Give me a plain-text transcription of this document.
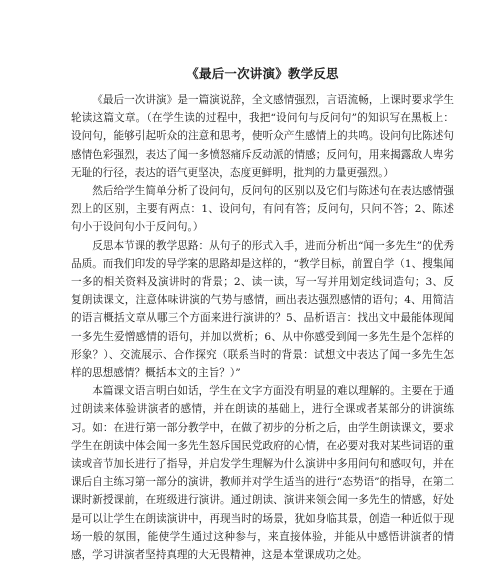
《最后一次讲演》教学反思

《最后一次讲演》是一篇演说辞，全文感情强烈，言语流畅，上课时要求学生轮读这篇文章。（在学生读的过程中，我把“设问句与反问句”的知识写在黑板上：设问句，能够引起听众的注意和思考，使听众产生感情上的共鸣。设问句比陈述句感情色彩强烈，表达了闻一多愤怒痛斥反动派的情感；反问句，用来揭露敌人卑劣无耻的行径，表达的语气更坚决，态度更鲜明，批判的力量更强烈。）

然后给学生简单分析了设问句，反问句的区别以及它们与陈述句在表达感情强烈上的区别，主要有两点：1、设问句，有问有答；反问句，只问不答；2、陈述句小于设问句小于反问句。）

反思本节课的教学思路：从句子的形式入手，进而分析出“闻一多先生”的优秀品质。而我们印发的导学案的思路却是这样的，“教学目标，前置自学（1、搜集闻一多的相关资料及演讲时的背景；2、读一读，写一写并用划定线词造句；3、反复朗读课文，注意体味讲演的气势与感情，画出表达强烈感情的语句；4、用简洁的语言概括文章从哪三个方面来进行演讲的？5、品析语言：找出文中最能体现闻一多先生爱憎感情的语句，并加以赏析；6、从中你感受到闻一多先生是个怎样的形象？）、交流展示、合作探究（联系当时的背景：试想文中表达了闻一多先生怎样的思想感情？概括本文的主旨？）”

本篇课文语言明白如话，学生在文字方面没有明显的难以理解的。主要在于通过朗读来体验讲演者的感情，并在朗读的基础上，进行全课或者某部分的讲演练习。如：在进行第一部分教学中，在做了初步的分析之后，由学生朗读课文，要求学生在朗读中体会闻一多先生怒斥国民党政府的心情，在必要对我对某些词语的重读或音节加长进行了指导，并启发学生理解为什么演讲中多用问句和感叹句，并在课后自主练习第一部分的演讲，教师并对学生适当的进行“态势语”的指导，在第二课时新授课前，在班级进行演讲。通过朗读、演讲来领会闻一多先生的情感，好处是可以让学生在朗读演讲中，再现当时的场景，犹如身临其景，创造一种近似于现场一般的氛围，能使学生通过这种参与，来直接体验，并能从中感悟讲演者的情感，学习讲演者坚持真理的大无畏精神，这是本堂课成功之处。
